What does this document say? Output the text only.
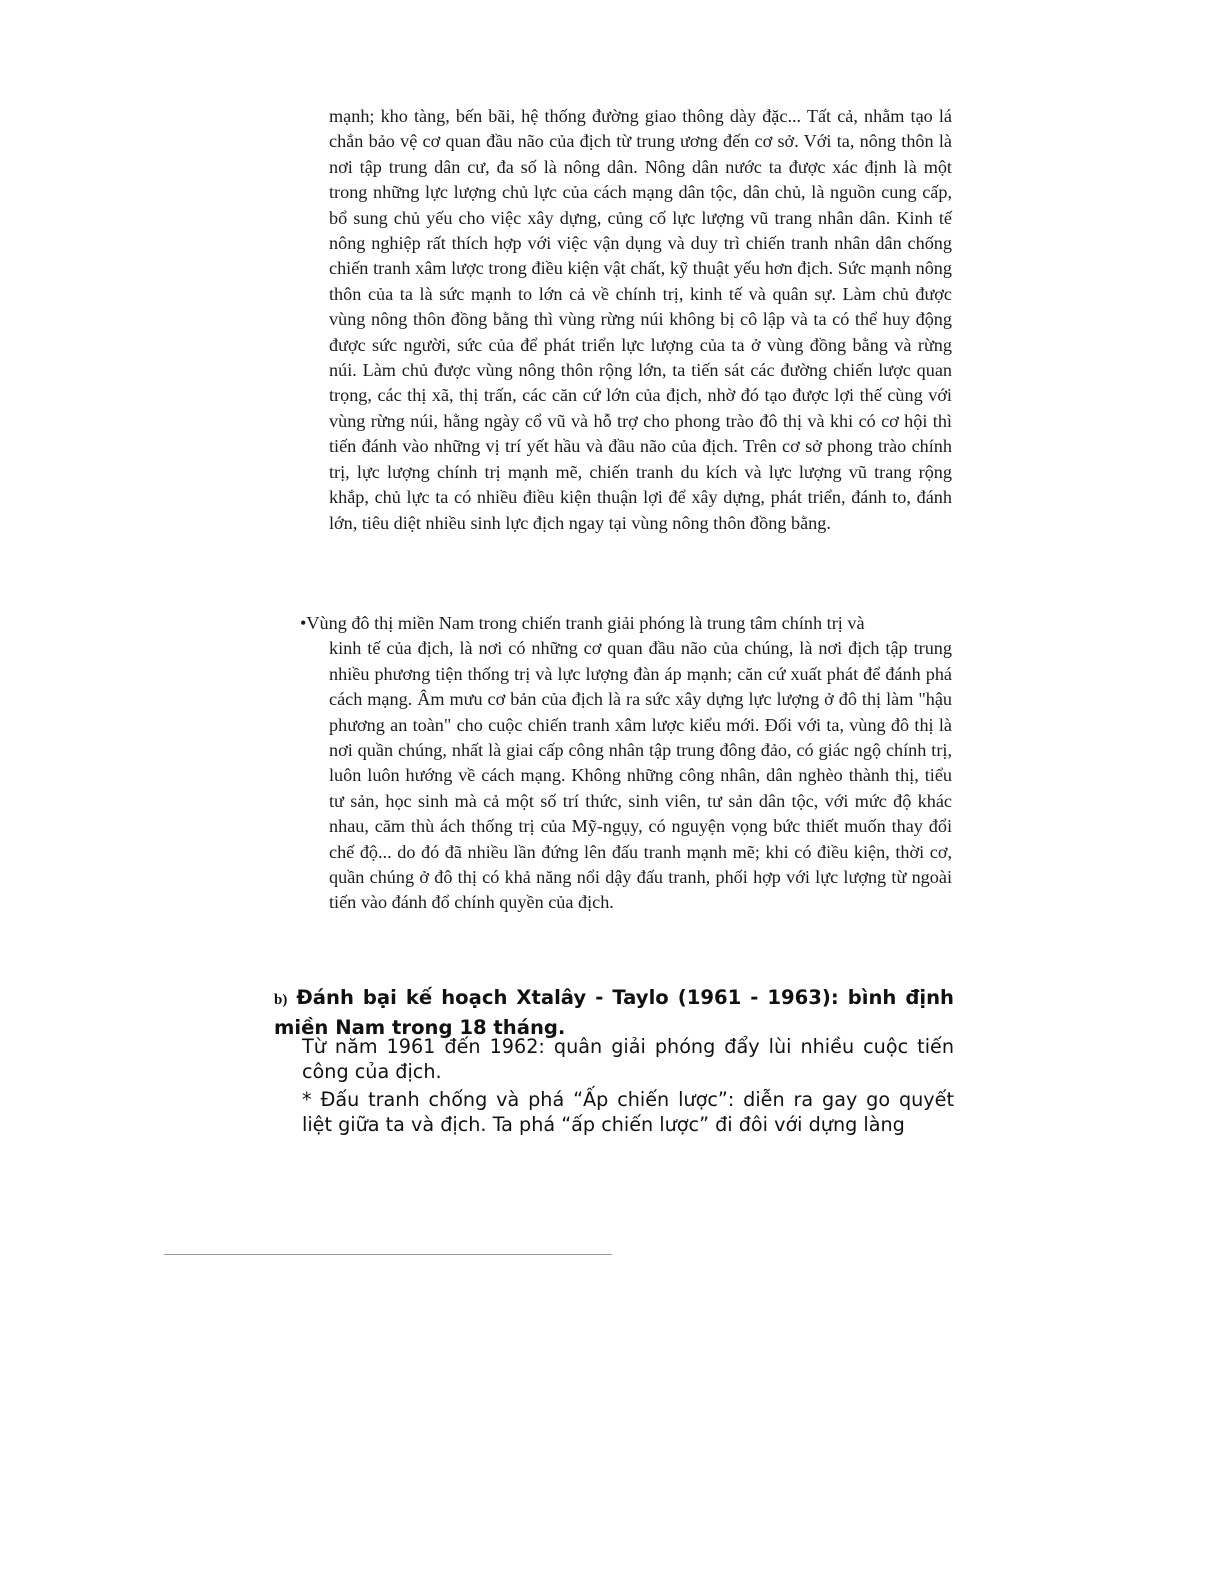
mạnh; kho tàng, bến bãi, hệ thống đường giao thông dày đặc... Tất cả, nhằm tạo lá chắn bảo vệ cơ quan đầu não của địch từ trung ương đến cơ sở. Với ta, nông thôn là nơi tập trung dân cư, đa số là nông dân. Nông dân nước ta được xác định là một trong những lực lượng chủ lực của cách mạng dân tộc, dân chủ, là nguồn cung cấp, bổ sung chủ yếu cho việc xây dựng, củng cố lực lượng vũ trang nhân dân. Kinh tế nông nghiệp rất thích hợp với việc vận dụng và duy trì chiến tranh nhân dân chống chiến tranh xâm lược trong điều kiện vật chất, kỹ thuật yếu hơn địch. Sức mạnh nông thôn của ta là sức mạnh to lớn cả về chính trị, kinh tế và quân sự. Làm chủ được vùng nông thôn đồng bằng thì vùng rừng núi không bị cô lập và ta có thể huy động được sức người, sức của để phát triển lực lượng của ta ở vùng đồng bằng và rừng núi. Làm chủ được vùng nông thôn rộng lớn, ta tiến sát các đường chiến lược quan trọng, các thị xã, thị trấn, các căn cứ lớn của địch, nhờ đó tạo được lợi thế cùng với vùng rừng núi, hằng ngày cổ vũ và hỗ trợ cho phong trào đô thị và khi có cơ hội thì tiến đánh vào những vị trí yết hầu và đầu não của địch. Trên cơ sở phong trào chính trị, lực lượng chính trị mạnh mẽ, chiến tranh du kích và lực lượng vũ trang rộng khắp, chủ lực ta có nhiều điều kiện thuận lợi để xây dựng, phát triển, đánh to, đánh lớn, tiêu diệt nhiều sinh lực địch ngay tại vùng nông thôn đồng bằng.

•Vùng đô thị miền Nam trong chiến tranh giải phóng là trung tâm chính trị và

kinh tế của địch, là nơi có những cơ quan đầu não của chúng, là nơi địch tập trung nhiều phương tiện thống trị và lực lượng đàn áp mạnh; căn cứ xuất phát để đánh phá cách mạng. Âm mưu cơ bản của địch là ra sức xây dựng lực lượng ở đô thị làm "hậu phương an toàn" cho cuộc chiến tranh xâm lược kiểu mới. Đối với ta, vùng đô thị là nơi quần chúng, nhất là giai cấp công nhân tập trung đông đảo, có giác ngộ chính trị, luôn luôn hướng về cách mạng. Không những công nhân, dân nghèo thành thị, tiểu tư sản, học sinh mà cả một số trí thức, sinh viên, tư sản dân tộc, với mức độ khác nhau, căm thù ách thống trị của Mỹ-ngụy, có nguyện vọng bức thiết muốn thay đổi chế độ... do đó đã nhiều lần đứng lên đấu tranh mạnh mẽ; khi có điều kiện, thời cơ, quần chúng ở đô thị có khả năng nổi dậy đấu tranh, phối hợp với lực lượng từ ngoài tiến vào đánh đổ chính quyền của địch.

b) Đánh bại kế hoạch Xtalây - Taylo (1961 - 1963): bình định miền Nam trong 18 tháng.

Từ năm 1961 đến 1962: quân giải phóng đẩy lùi nhiều cuộc tiến công của địch.

* Đấu tranh chống và phá “Ấp chiến lược”: diễn ra gay go quyết liệt giữa ta và địch. Ta phá “ấp chiến lược” đi đôi với dựng làng
